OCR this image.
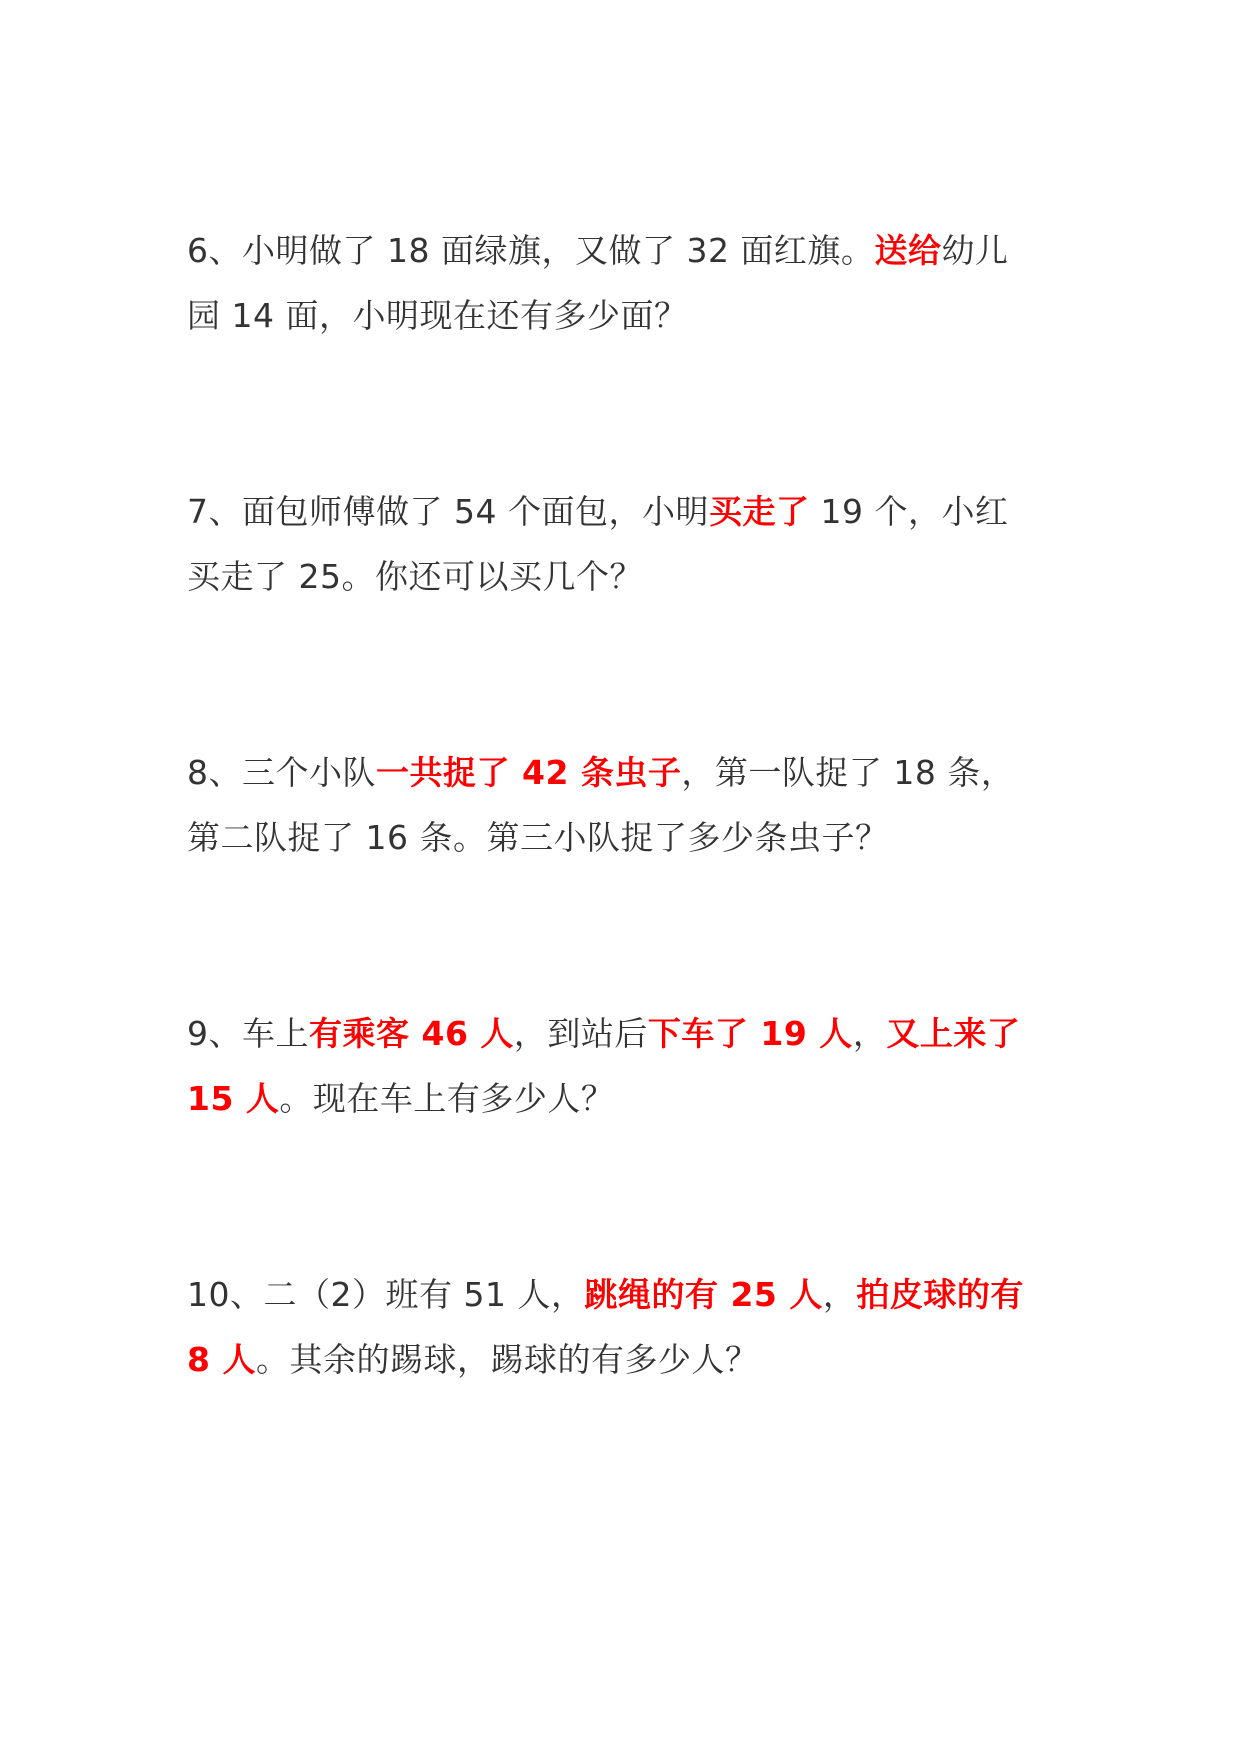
6、小明做了 18 面绿旗，又做了 32 面红旗。送给幼儿园 14 面，小明现在还有多少面？

7、面包师傅做了 54 个面包，小明买走了 19 个，小红买走了 25。你还可以买几个？

8、三个小队一共捉了 42 条虫子，第一队捉了 18 条，第二队捉了 16 条。第三小队捉了多少条虫子？

9、车上有乘客 46 人，到站后下车了 19 人，又上来了 15 人。现在车上有多少人？

10、二（2）班有 51 人，跳绳的有 25 人，拍皮球的有 8 人。其余的踢球，踢球的有多少人？
